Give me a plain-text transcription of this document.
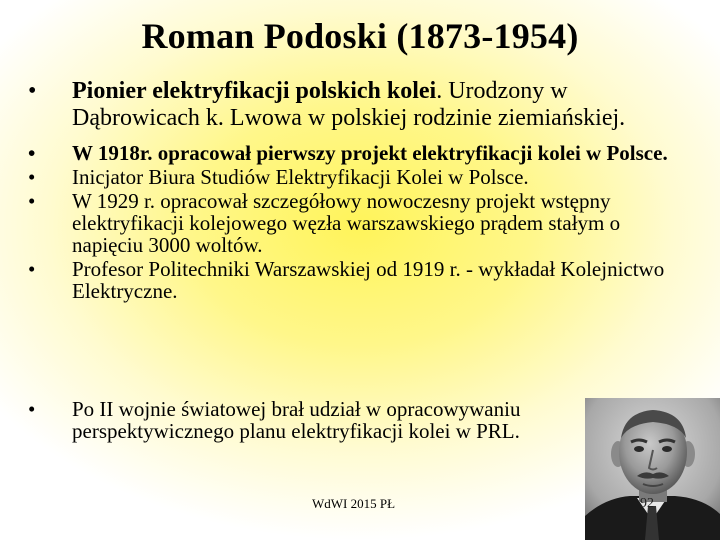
Roman Podoski (1873-1954)
• Pionier elektryfikacji polskich kolei. Urodzony w Dąbrowicach k. Lwowa w polskiej rodzinie ziemiańskiej.
• W 1918r. opracował pierwszy projekt elektryfikacji kolei w Polsce.
• Inicjator Biura Studiów Elektryfikacji Kolei w Polsce.
• W 1929 r. opracował szczegółowy nowoczesny projekt wstępny elektryfikacji kolejowego węzła warszawskiego prądem stałym o napięciu 3000 woltów.
• Profesor Politechniki Warszawskiej od 1919 r. - wykładał Kolejnictwo Elektryczne.
• Po II wojnie światowej brał udział w opracowywaniu perspektywicznego planu elektryfikacji kolei w PRL.
WdWI 2015 PŁ	92
